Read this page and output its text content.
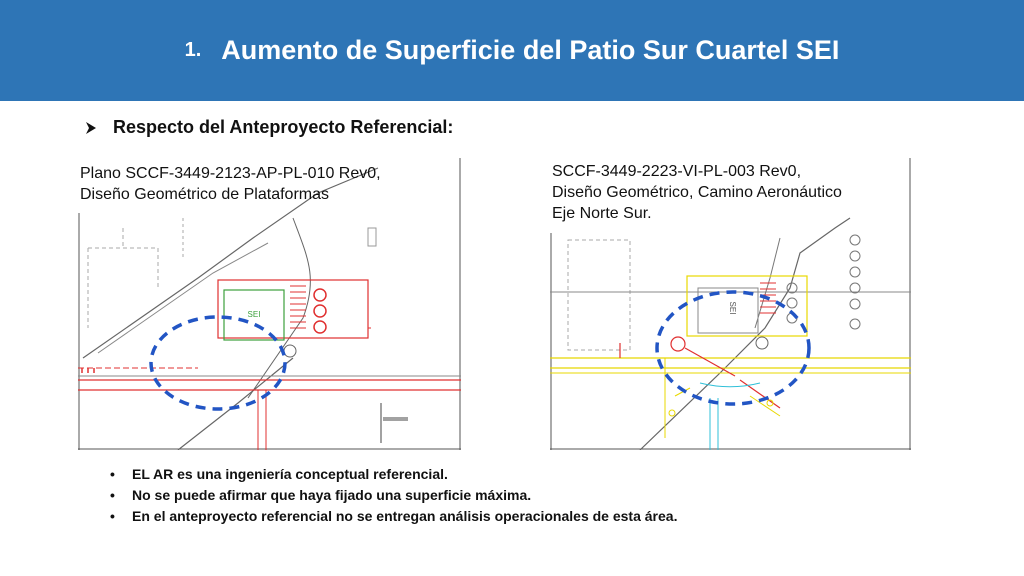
1. Aumento de Superficie del Patio Sur Cuartel SEI
Respecto del Anteproyecto Referencial:
SEI
Plano SCCF-3449-2123-AP-PL-010 Rev0,
Diseño Geométrico de Plataformas
SEI
SCCF-3449-2223-VI-PL-003 Rev0,
Diseño Geométrico, Camino Aeronáutico
Eje Norte Sur.
• EL AR es una ingeniería conceptual referencial.
• No se puede afirmar que haya fijado una superficie máxima.
• En el anteproyecto referencial no se entregan análisis operacionales de esta área.
